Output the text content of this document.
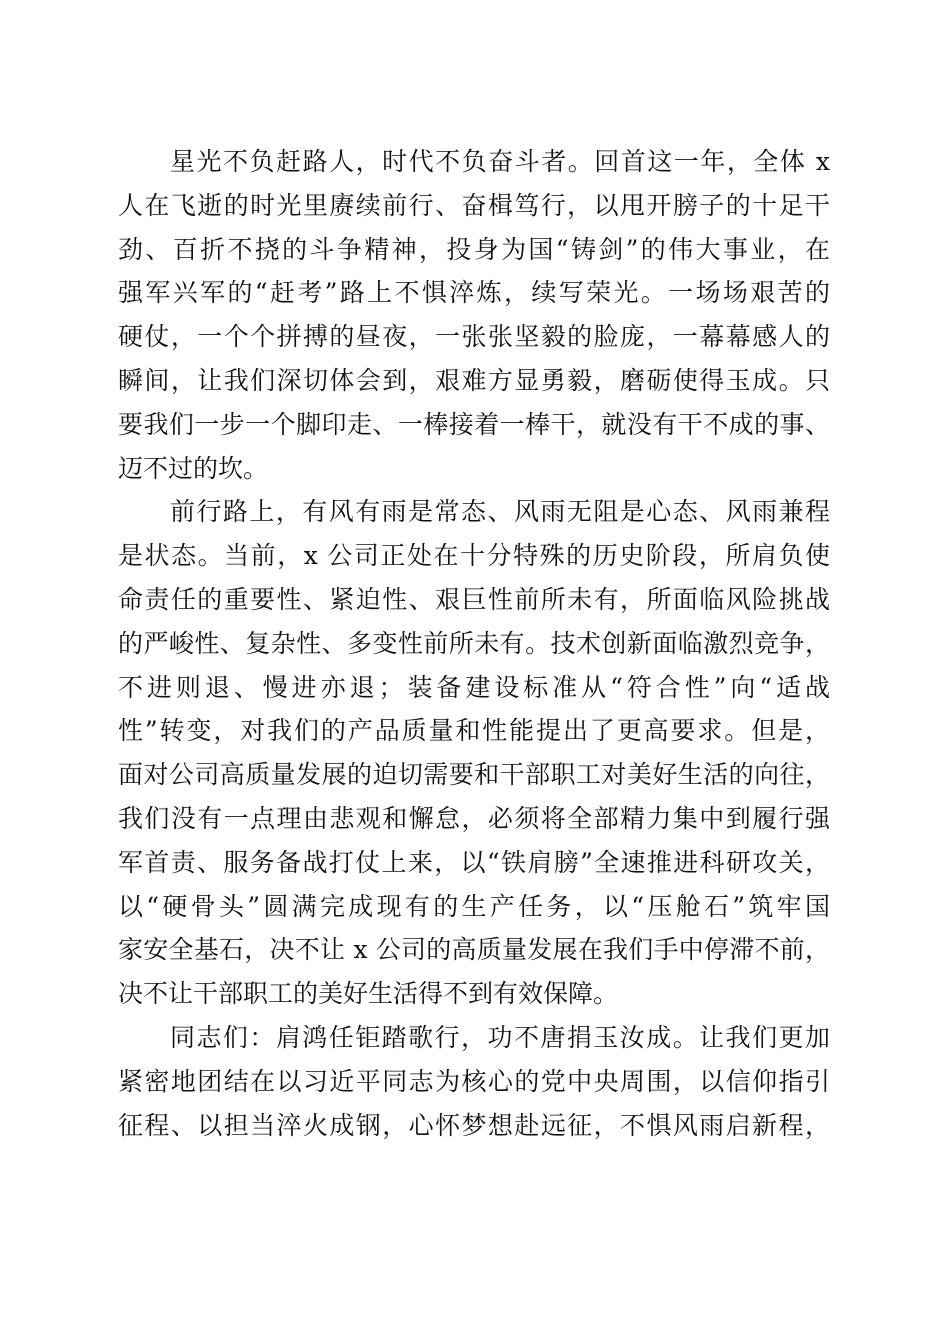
星光不负赶路人，时代不负奋斗者。回首这一年，全体 x
人在飞逝的时光里赓续前行、奋楫笃行，以甩开膀子的十足干
劲、百折不挠的斗争精神，投身为国“铸剑”的伟大事业，在
强军兴军的“赶考”路上不惧淬炼，续写荣光。一场场艰苦的
硬仗，一个个拼搏的昼夜，一张张坚毅的脸庞，一幕幕感人的
瞬间，让我们深切体会到，艰难方显勇毅，磨砺使得玉成。只
要我们一步一个脚印走、一棒接着一棒干，就没有干不成的事、
迈不过的坎。
前行路上，有风有雨是常态、风雨无阻是心态、风雨兼程
是状态。当前，x 公司正处在十分特殊的历史阶段，所肩负使
命责任的重要性、紧迫性、艰巨性前所未有，所面临风险挑战
的严峻性、复杂性、多变性前所未有。技术创新面临激烈竞争，
不进则退、慢进亦退；装备建设标准从“符合性”向“适战
性”转变，对我们的产品质量和性能提出了更高要求。但是，
面对公司高质量发展的迫切需要和干部职工对美好生活的向往，
我们没有一点理由悲观和懈怠，必须将全部精力集中到履行强
军首责、服务备战打仗上来，以“铁肩膀”全速推进科研攻关，
以“硬骨头”圆满完成现有的生产任务，以“压舱石”筑牢国
家安全基石，决不让 x 公司的高质量发展在我们手中停滞不前，
决不让干部职工的美好生活得不到有效保障。
同志们：肩鸿任钜踏歌行，功不唐捐玉汝成。让我们更加
紧密地团结在以习近平同志为核心的党中央周围，以信仰指引
征程、以担当淬火成钢，心怀梦想赴远征，不惧风雨启新程，
